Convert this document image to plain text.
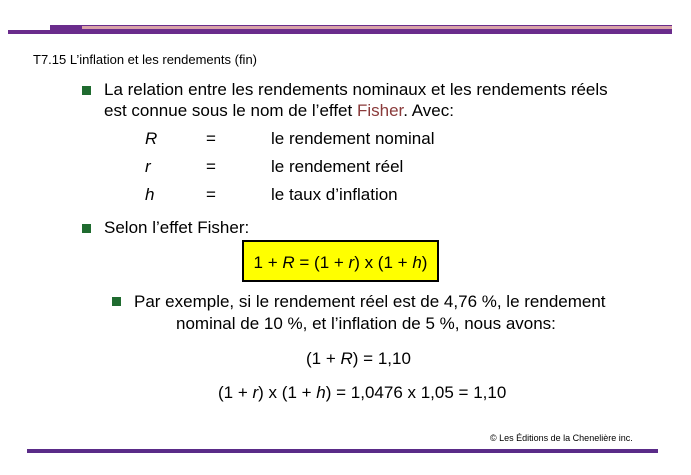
T7.15 L’inflation et les rendements (fin)
La relation entre les rendements nominaux et les rendements réels
est connue sous le nom de l’effet Fisher. Avec:
R	=	le rendement nominal
r	=	le rendement réel
h	=	le taux d’inflation
Selon l’effet Fisher:
1 + R = (1 + r) x (1 + h)
Par exemple, si le rendement réel est de 4,76 %, le rendement
nominal de 10 %, et l’inflation de 5 %, nous avons:
(1 + R) = 1,10
(1 + r) x (1 + h) = 1,0476 x 1,05 = 1,10
© Les Éditions de la Chenelière inc.
